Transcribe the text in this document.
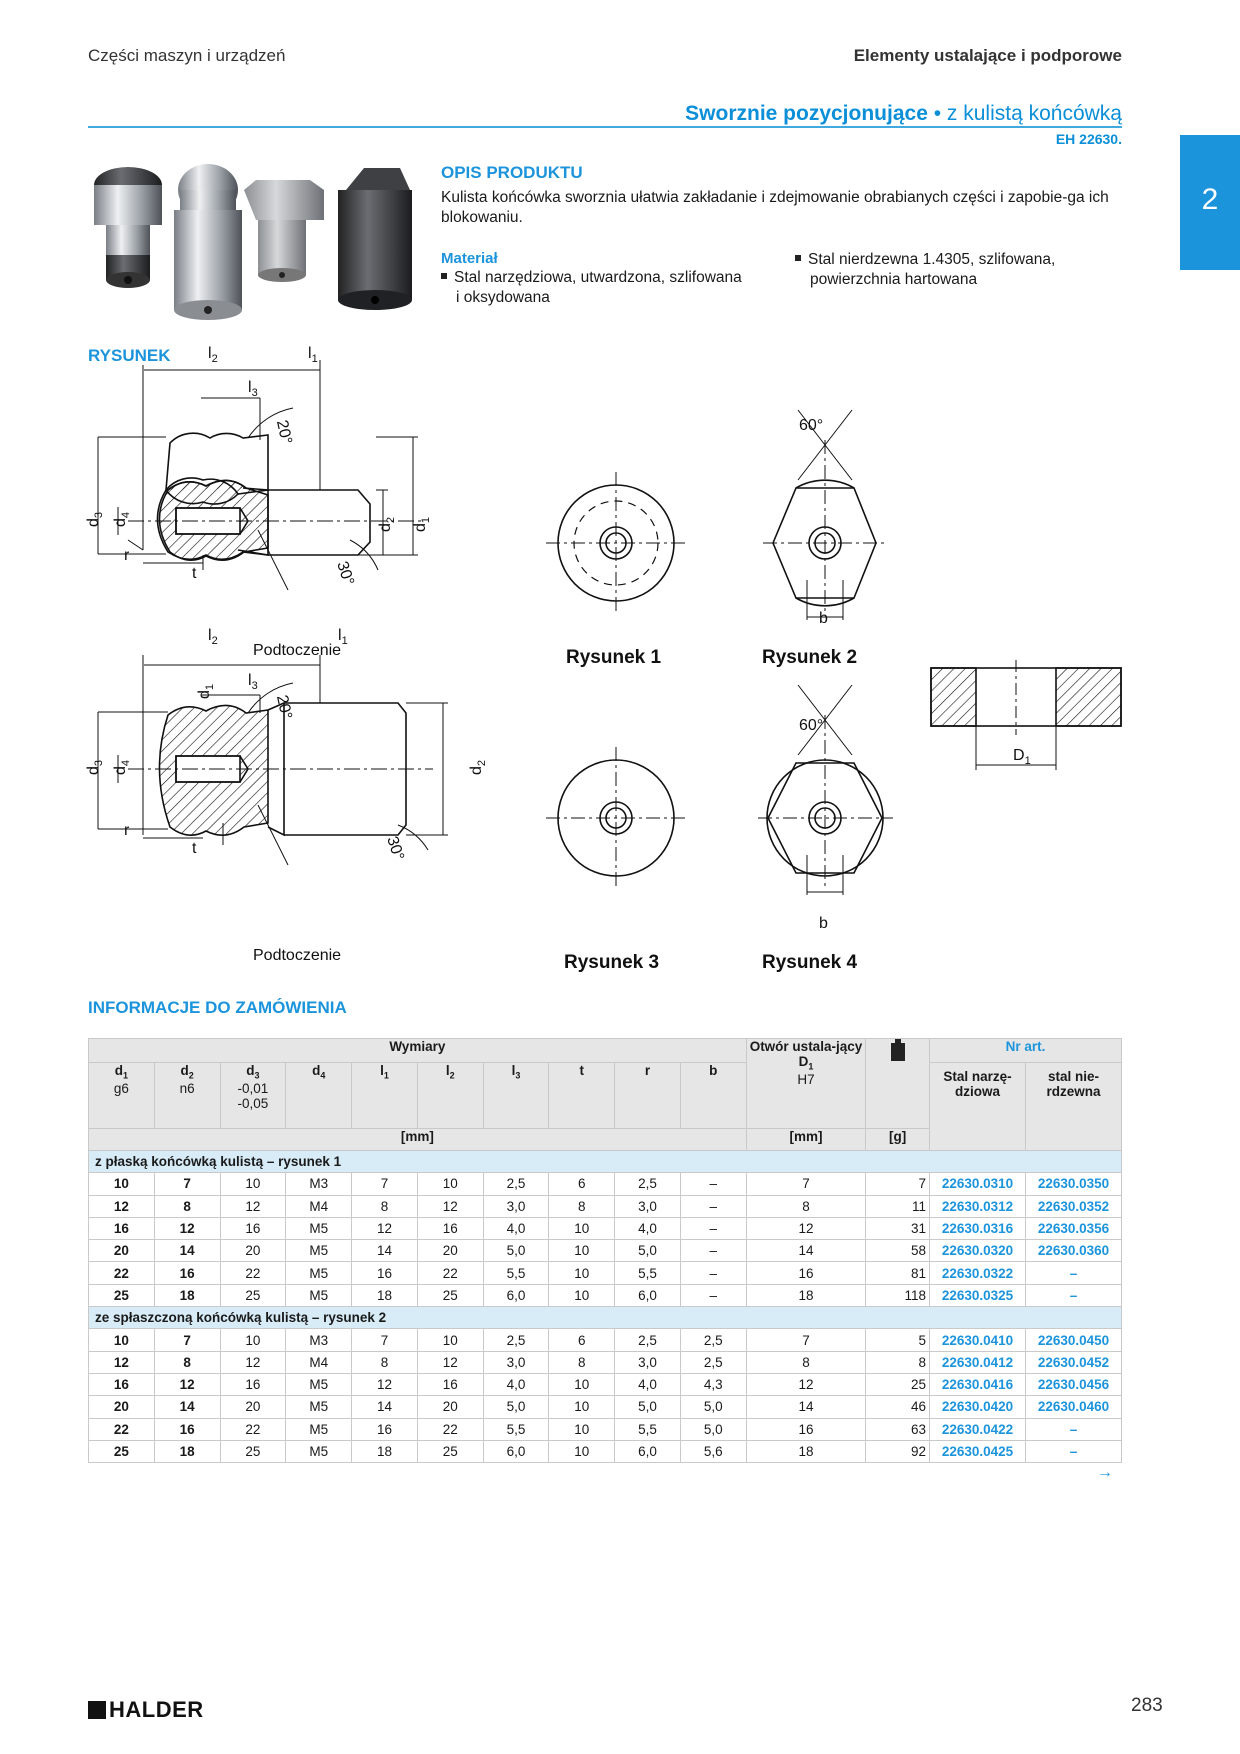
Części maszyn i urządzeń	Elementy ustalające i podporowe
Sworznie pozycjonujące • z kulistą końcówką
EH 22630.
2
OPIS PRODUKTU
Kulista końcówka sworznia ułatwia zakładanie i zdejmowanie obrabianych części i zapobie-ga ich blokowaniu.
Materiał
Stal narzędziowa, utwardzona, szlifowana
i oksydowana
Stal nierdzewna 1.4305, szlifowana,
powierzchnia hartowana
RYSUNEK $l_2$	$l_1$
$l_3$
$d_3$
$d_4$
$d_2$
$d_1$
20°
30°
r
t
Podtoczenie
60°
b
$l_2$	$l_1$
$l_3$
$d_1$
$d_3$
$d_4$
$d_2$
20°
30°
r
t
Podtoczenie
60°
b
$D_1$
Rysunek 1	Rysunek 2
Rysunek 3	Rysunek 4
INFORMACJE DO ZAMÓWIENIA
Wymiary										Otwór ustala-jący
$D_1$
H7		Nr art.	
$d_1$
g6	$d_2$
n6	$d_3$
-0,01
-0,05	$d_4$	$l_1$	$l_2$	$l_3$	t	r	b			Stal narzę-dziowa	stal nie-rdzewna
[mm]										[mm]	[g]		
z płaską końcówką kulistą – rysunek 1													
10	7	10	M3	7	10	2,5	6	2,5	–	7	7	22630.0310	22630.0350
12	8	12	M4	8	12	3,0	8	3,0	–	8	11	22630.0312	22630.0352
16	12	16	M5	12	16	4,0	10	4,0	–	12	31	22630.0316	22630.0356
20	14	20	M5	14	20	5,0	10	5,0	–	14	58	22630.0320	22630.0360
22	16	22	M5	16	22	5,5	10	5,5	–	16	81	22630.0322	–
25	18	25	M5	18	25	6,0	10	6,0	–	18	118	22630.0325	–
ze spłaszczoną końcówką kulistą – rysunek 2													
10	7	10	M3	7	10	2,5	6	2,5	2,5	7	5	22630.0410	22630.0450
12	8	12	M4	8	12	3,0	8	3,0	2,5	8	8	22630.0412	22630.0452
16	12	16	M5	12	16	4,0	10	4,0	4,3	12	25	22630.0416	22630.0456
20	14	20	M5	14	20	5,0	10	5,0	5,0	14	46	22630.0420	22630.0460
22	16	22	M5	16	22	5,5	10	5,5	5,0	16	63	22630.0422	–
25	18	25	M5	18	25	6,0	10	6,0	5,6	18	92	22630.0425	–
→
HALDER	283
